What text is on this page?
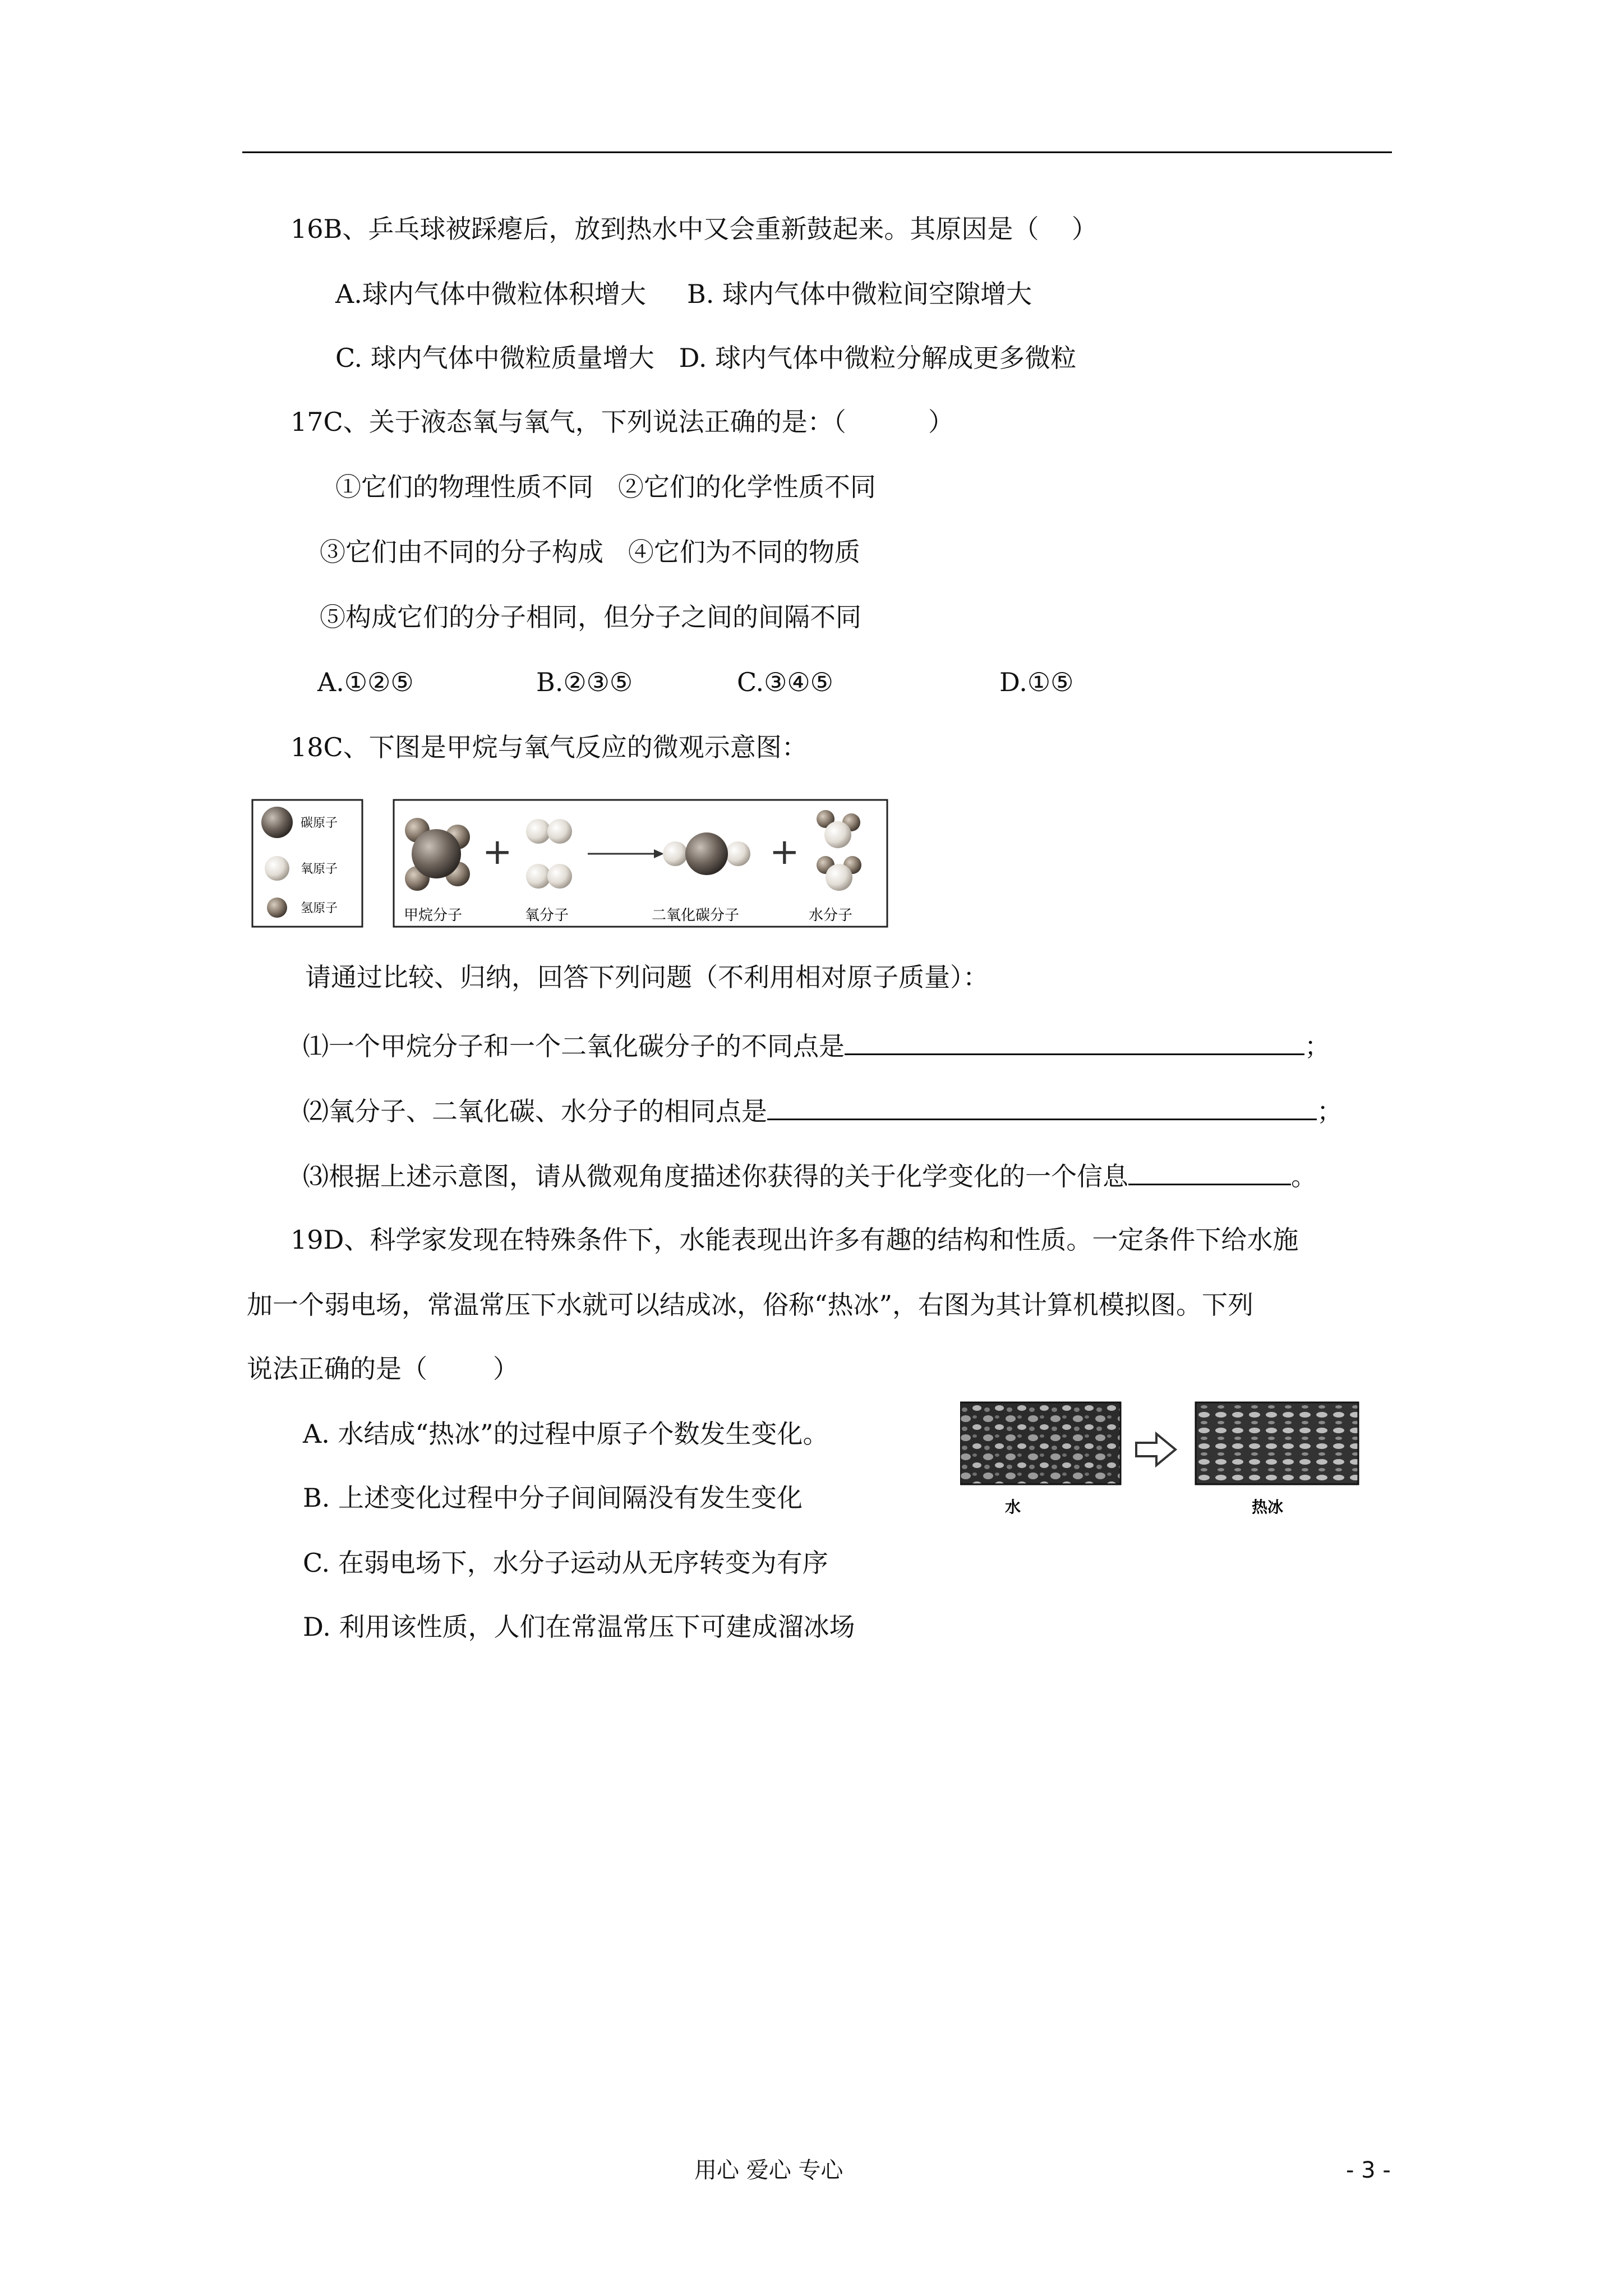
16B、乒乓球被踩瘪后，放到热水中又会重新鼓起来。其原因是（    ）
A.球内气体中微粒体积增大     B. 球内气体中微粒间空隙增大
C. 球内气体中微粒质量增大   D. 球内气体中微粒分解成更多微粒
17C、关于液态氧与氧气，下列说法正确的是：（          ）
①它们的物理性质不同   ②它们的化学性质不同
③它们由不同的分子构成   ④它们为不同的物质
⑤构成它们的分子相同，但分子之间的间隔不同
A.①②⑤	B.②③⑤	C.③④⑤	D.①⑤
18C、下图是甲烷与氧气反应的微观示意图：
碳原子
氧原子
氢原子
+	+
甲烷分子	氧分子	二氧化碳分子	水分子
请通过比较、归纳，回答下列问题（不利用相对原子质量）：
⑴一个甲烷分子和一个二氧化碳分子的不同点是	；
⑵氧分子、二氧化碳、水分子的相同点是	；
⑶根据上述示意图，请从微观角度描述你获得的关于化学变化的一个信息	。
19D、科学家发现在特殊条件下，水能表现出许多有趣的结构和性质。一定条件下给水施
加一个弱电场，常温常压下水就可以结成冰，俗称“热冰”，右图为其计算机模拟图。下列
说法正确的是（        ）
A. 水结成“热冰”的过程中原子个数发生变化。
B. 上述变化过程中分子间间隔没有发生变化
C. 在弱电场下，水分子运动从无序转变为有序
D. 利用该性质，人们在常温常压下可建成溜冰场
水	热冰
用心 爱心 专心	- 3 -
